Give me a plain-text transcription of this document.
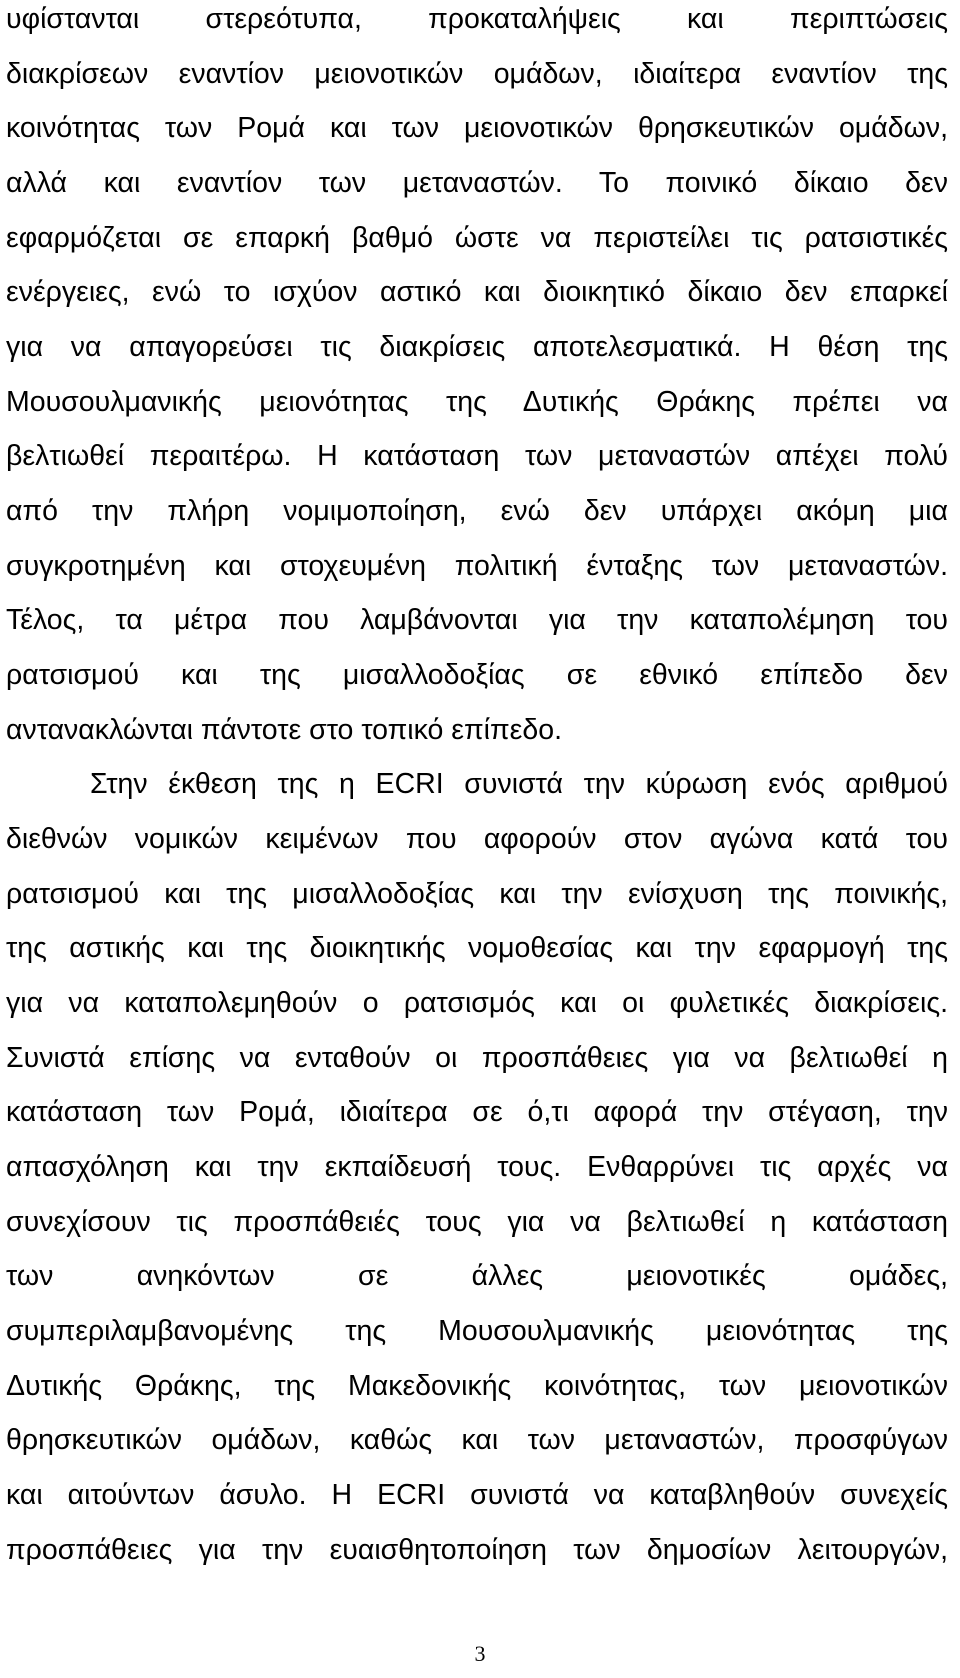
υφίστανται στερεότυπα, προκαταλήψεις και περιπτώσεις
διακρίσεων εναντίον μειονοτικών ομάδων, ιδιαίτερα εναντίον της
κοινότητας των Ρομά και των μειονοτικών θρησκευτικών ομάδων,
αλλά και εναντίον των μεταναστών. Το ποινικό δίκαιο δεν
εφαρμόζεται σε επαρκή βαθμό ώστε να περιστείλει τις ρατσιστικές
ενέργειες, ενώ το ισχύον αστικό και διοικητικό δίκαιο δεν επαρκεί
για να απαγορεύσει τις διακρίσεις αποτελεσματικά. Η θέση της
Μουσουλμανικής μειονότητας της Δυτικής Θράκης πρέπει να
βελτιωθεί περαιτέρω. Η κατάσταση των μεταναστών απέχει πολύ
από την πλήρη νομιμοποίηση, ενώ δεν υπάρχει ακόμη μια
συγκροτημένη και στοχευμένη πολιτική ένταξης των μεταναστών.
Τέλος, τα μέτρα που λαμβάνονται για την καταπολέμηση του
ρατσισμού και της μισαλλοδοξίας σε εθνικό επίπεδο δεν
αντανακλώνται πάντοτε στο τοπικό επίπεδο.
Στην έκθεση της η ECRI συνιστά την κύρωση ενός αριθμού
διεθνών νομικών κειμένων που αφορούν στον αγώνα κατά του
ρατσισμού και της μισαλλοδοξίας και την ενίσχυση της ποινικής,
της αστικής και της διοικητικής νομοθεσίας και την εφαρμογή της
για να καταπολεμηθούν ο ρατσισμός και οι φυλετικές διακρίσεις.
Συνιστά επίσης να ενταθούν οι προσπάθειες για να βελτιωθεί η
κατάσταση των Ρομά, ιδιαίτερα σε ό,τι αφορά την στέγαση, την
απασχόληση και την εκπαίδευσή τους. Ενθαρρύνει τις αρχές να
συνεχίσουν τις προσπάθειές τους για να βελτιωθεί η κατάσταση
των ανηκόντων σε άλλες μειονοτικές ομάδες,
συμπεριλαμβανομένης της Μουσουλμανικής μειονότητας της
Δυτικής Θράκης, της Μακεδονικής κοινότητας, των μειονοτικών
θρησκευτικών ομάδων, καθώς και των μεταναστών, προσφύγων
και αιτούντων άσυλο. Η ECRI συνιστά να καταβληθούν συνεχείς
προσπάθειες για την ευαισθητοποίηση των δημοσίων λειτουργών,
3
